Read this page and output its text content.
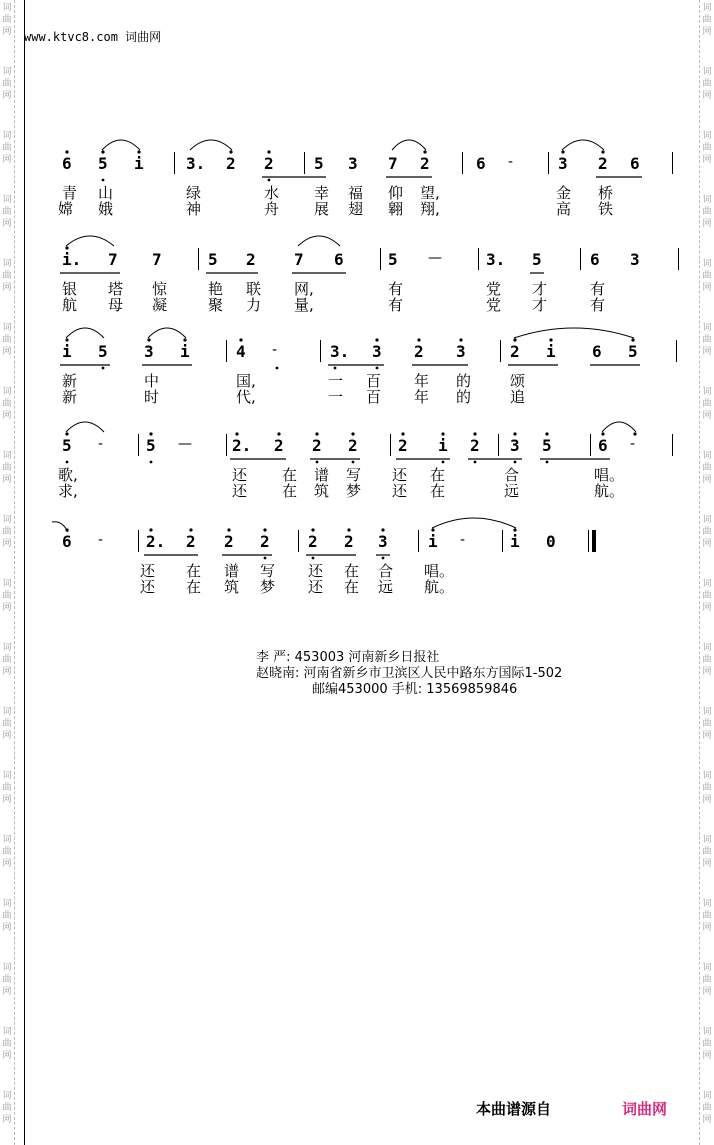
词
曲
网
词
曲
网
词
曲
网
词
曲
网
词
曲
网
词
曲
网
词
曲
网
词
曲
网
词
曲
网
词
曲
网
词
曲
网
词
曲
网
词
曲
网
词
曲
网
词
曲
网
词
曲
网
词
曲
网
词
曲
网
词
曲
网
词
曲
网
词
曲
网
词
曲
网
词
曲
网
词
曲
网
词
曲
网
词
曲
网
词
曲
网
词
曲
网
词
曲
网
词
曲
网
词
曲
网
词
曲
网
词
曲
网
词
曲
网
词
曲
网
词
曲
网
www.ktvc8.com 词曲网
6 5 i	3. 2 2	5 3 7 2	6 -	3 2 6
青 山	绿	水 幸 福 仰 望,	金 桥
嫦 娥	神	舟 展 翅 翱 翔,	高 铁
i. 7 7	5 2 7 6	5 —	3. 5	6 3
银 塔 惊	艳 联 网,	有	党 才	有
航 母 凝	聚 力 量,	有	党 才	有
i 5 3 i	4 -	3. 3 2 3	2 i 6 5
新	中	国,	一 百 年 的	颂
新	时	代,	一 百 年 的	追
5 -	5 —	2. 2 2 2	2 i 2 3 5	6 -
歌,	还 在 谱 写 还 在	合	唱。
求,	还 在 筑 梦 还 在	远	航。
6 -	2. 2 2 2 2 2 3	i -	i 0
还 在 谱 写 还 在 合 唱。
还 在 筑 梦 还 在 远 航。
李 严: 453003 河南新乡日报社
赵晓南: 河南省新乡市卫滨区人民中路东方国际1-502
邮编453000 手机: 13569859846
本曲谱源自	词曲网
